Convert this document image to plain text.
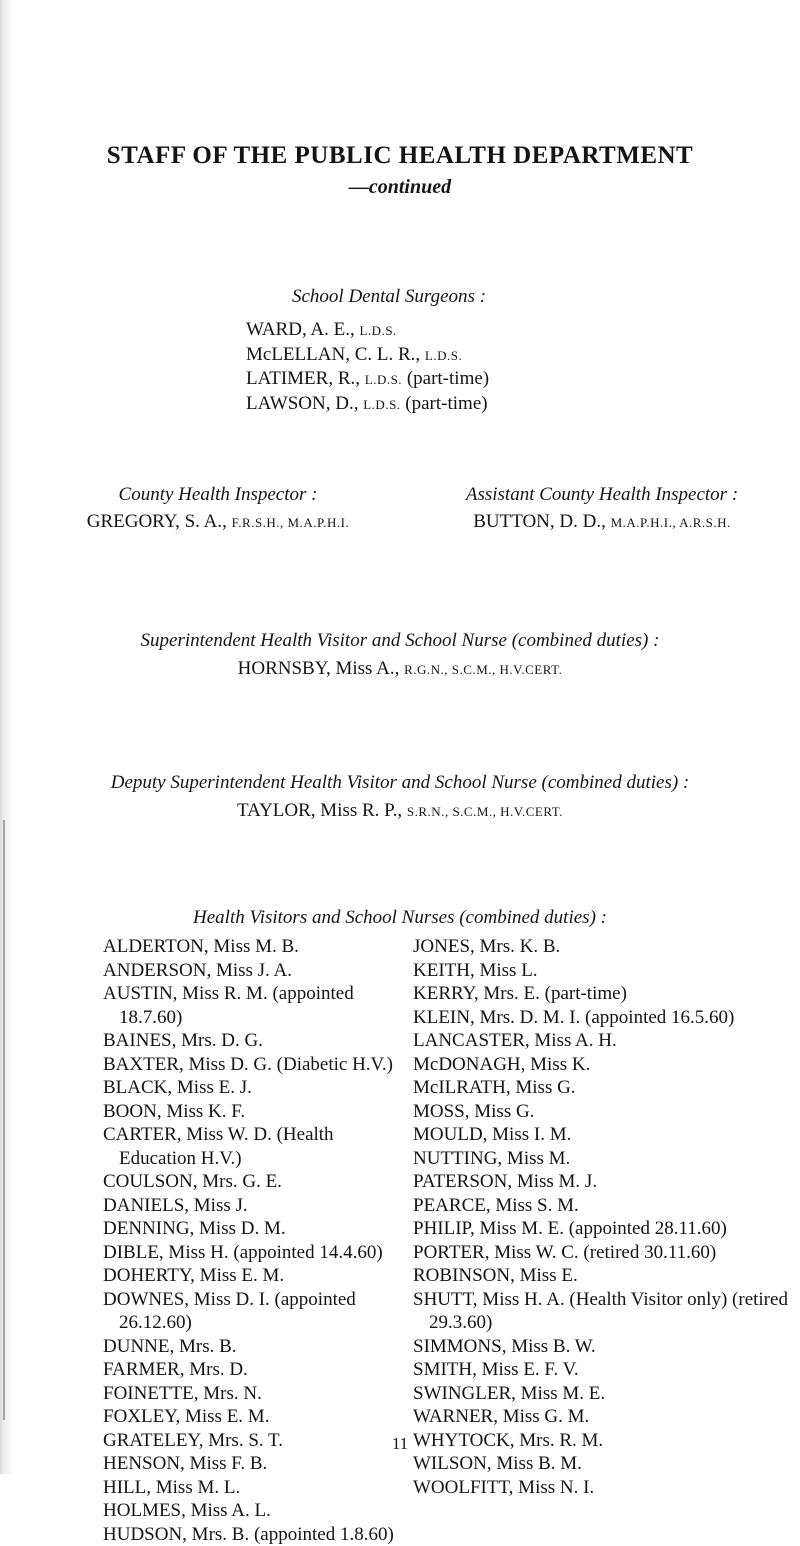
STAFF OF THE PUBLIC HEALTH DEPARTMENT
—continued
School Dental Surgeons :
WARD, A. E., L.D.S.
McLELLAN, C. L. R., L.D.S.
LATIMER, R., L.D.S. (part-time)
LAWSON, D., L.D.S. (part-time)
County Health Inspector :
GREGORY, S. A., F.R.S.H., M.A.P.H.I.
Assistant County Health Inspector :
BUTTON, D. D., M.A.P.H.I., A.R.S.H.
Superintendent Health Visitor and School Nurse (combined duties) :
HORNSBY, Miss A., R.G.N., S.C.M., H.V.CERT.
Deputy Superintendent Health Visitor and School Nurse (combined duties) :
TAYLOR, Miss R. P., S.R.N., S.C.M., H.V.CERT.
Health Visitors and School Nurses (combined duties) :
ALDERTON, Miss M. B.
ANDERSON, Miss J. A.
AUSTIN, Miss R. M. (appointed 18.7.60)
BAINES, Mrs. D. G.
BAXTER, Miss D. G. (Diabetic H.V.)
BLACK, Miss E. J.
BOON, Miss K. F.
CARTER, Miss W. D. (Health Education H.V.)
COULSON, Mrs. G. E.
DANIELS, Miss J.
DENNING, Miss D. M.
DIBLE, Miss H. (appointed 14.4.60)
DOHERTY, Miss E. M.
DOWNES, Miss D. I. (appointed 26.12.60)
DUNNE, Mrs. B.
FARMER, Mrs. D.
FOINETTE, Mrs. N.
FOXLEY, Miss E. M.
GRATELEY, Mrs. S. T.
HENSON, Miss F. B.
HILL, Miss M. L.
HOLMES, Miss A. L.
HUDSON, Mrs. B. (appointed 1.8.60)
JONES, Mrs. K. B.
KEITH, Miss L.
KERRY, Mrs. E. (part-time)
KLEIN, Mrs. D. M. I. (appointed 16.5.60)
LANCASTER, Miss A. H.
McDONAGH, Miss K.
McILRATH, Miss G.
MOSS, Miss G.
MOULD, Miss I. M.
NUTTING, Miss M.
PATERSON, Miss M. J.
PEARCE, Miss S. M.
PHILIP, Miss M. E. (appointed 28.11.60)
PORTER, Miss W. C. (retired 30.11.60)
ROBINSON, Miss E.
SHUTT, Miss H. A. (Health Visitor only) (retired 29.3.60)
SIMMONS, Miss B. W.
SMITH, Miss E. F. V.
SWINGLER, Miss M. E.
WARNER, Miss G. M.
WHYTOCK, Mrs. R. M.
WILSON, Miss B. M.
WOOLFITT, Miss N. I.
11
